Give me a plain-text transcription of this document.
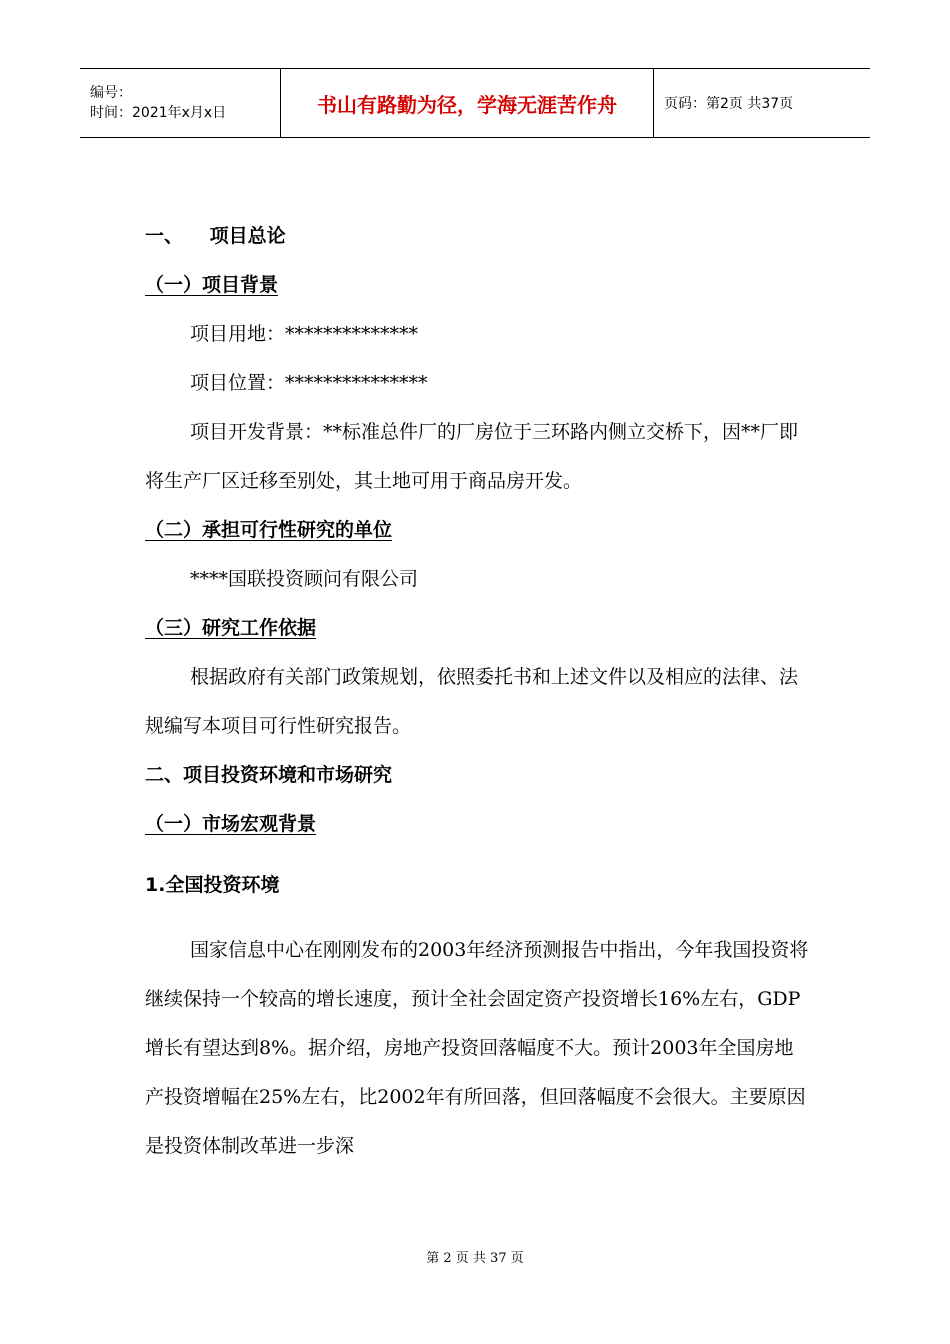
编号：
时间：2021年x月x日	书山有路勤为径，学海无涯苦作舟	页码：第2页 共37页

一、 项目总论

（一）项目背景

项目用地：**************

项目位置：***************

项目开发背景：**标准总件厂的厂房位于三环路内侧立交桥下，因**厂即将生产厂区迁移至别处，其土地可用于商品房开发。

（二）承担可行性研究的单位

****国联投资顾问有限公司

（三）研究工作依据

根据政府有关部门政策规划，依照委托书和上述文件以及相应的法律、法规编写本项目可行性研究报告。

二、项目投资环境和市场研究

（一）市场宏观背景

1.全国投资环境

国家信息中心在刚刚发布的2003年经济预测报告中指出，今年我国投资将继续保持一个较高的增长速度，预计全社会固定资产投资增长16%左右，GDP增长有望达到8%。据介绍，房地产投资回落幅度不大。预计2003年全国房地产投资增幅在25%左右，比2002年有所回落，但回落幅度不会很大。主要原因是投资体制改革进一步深

第 2 页 共 37 页
